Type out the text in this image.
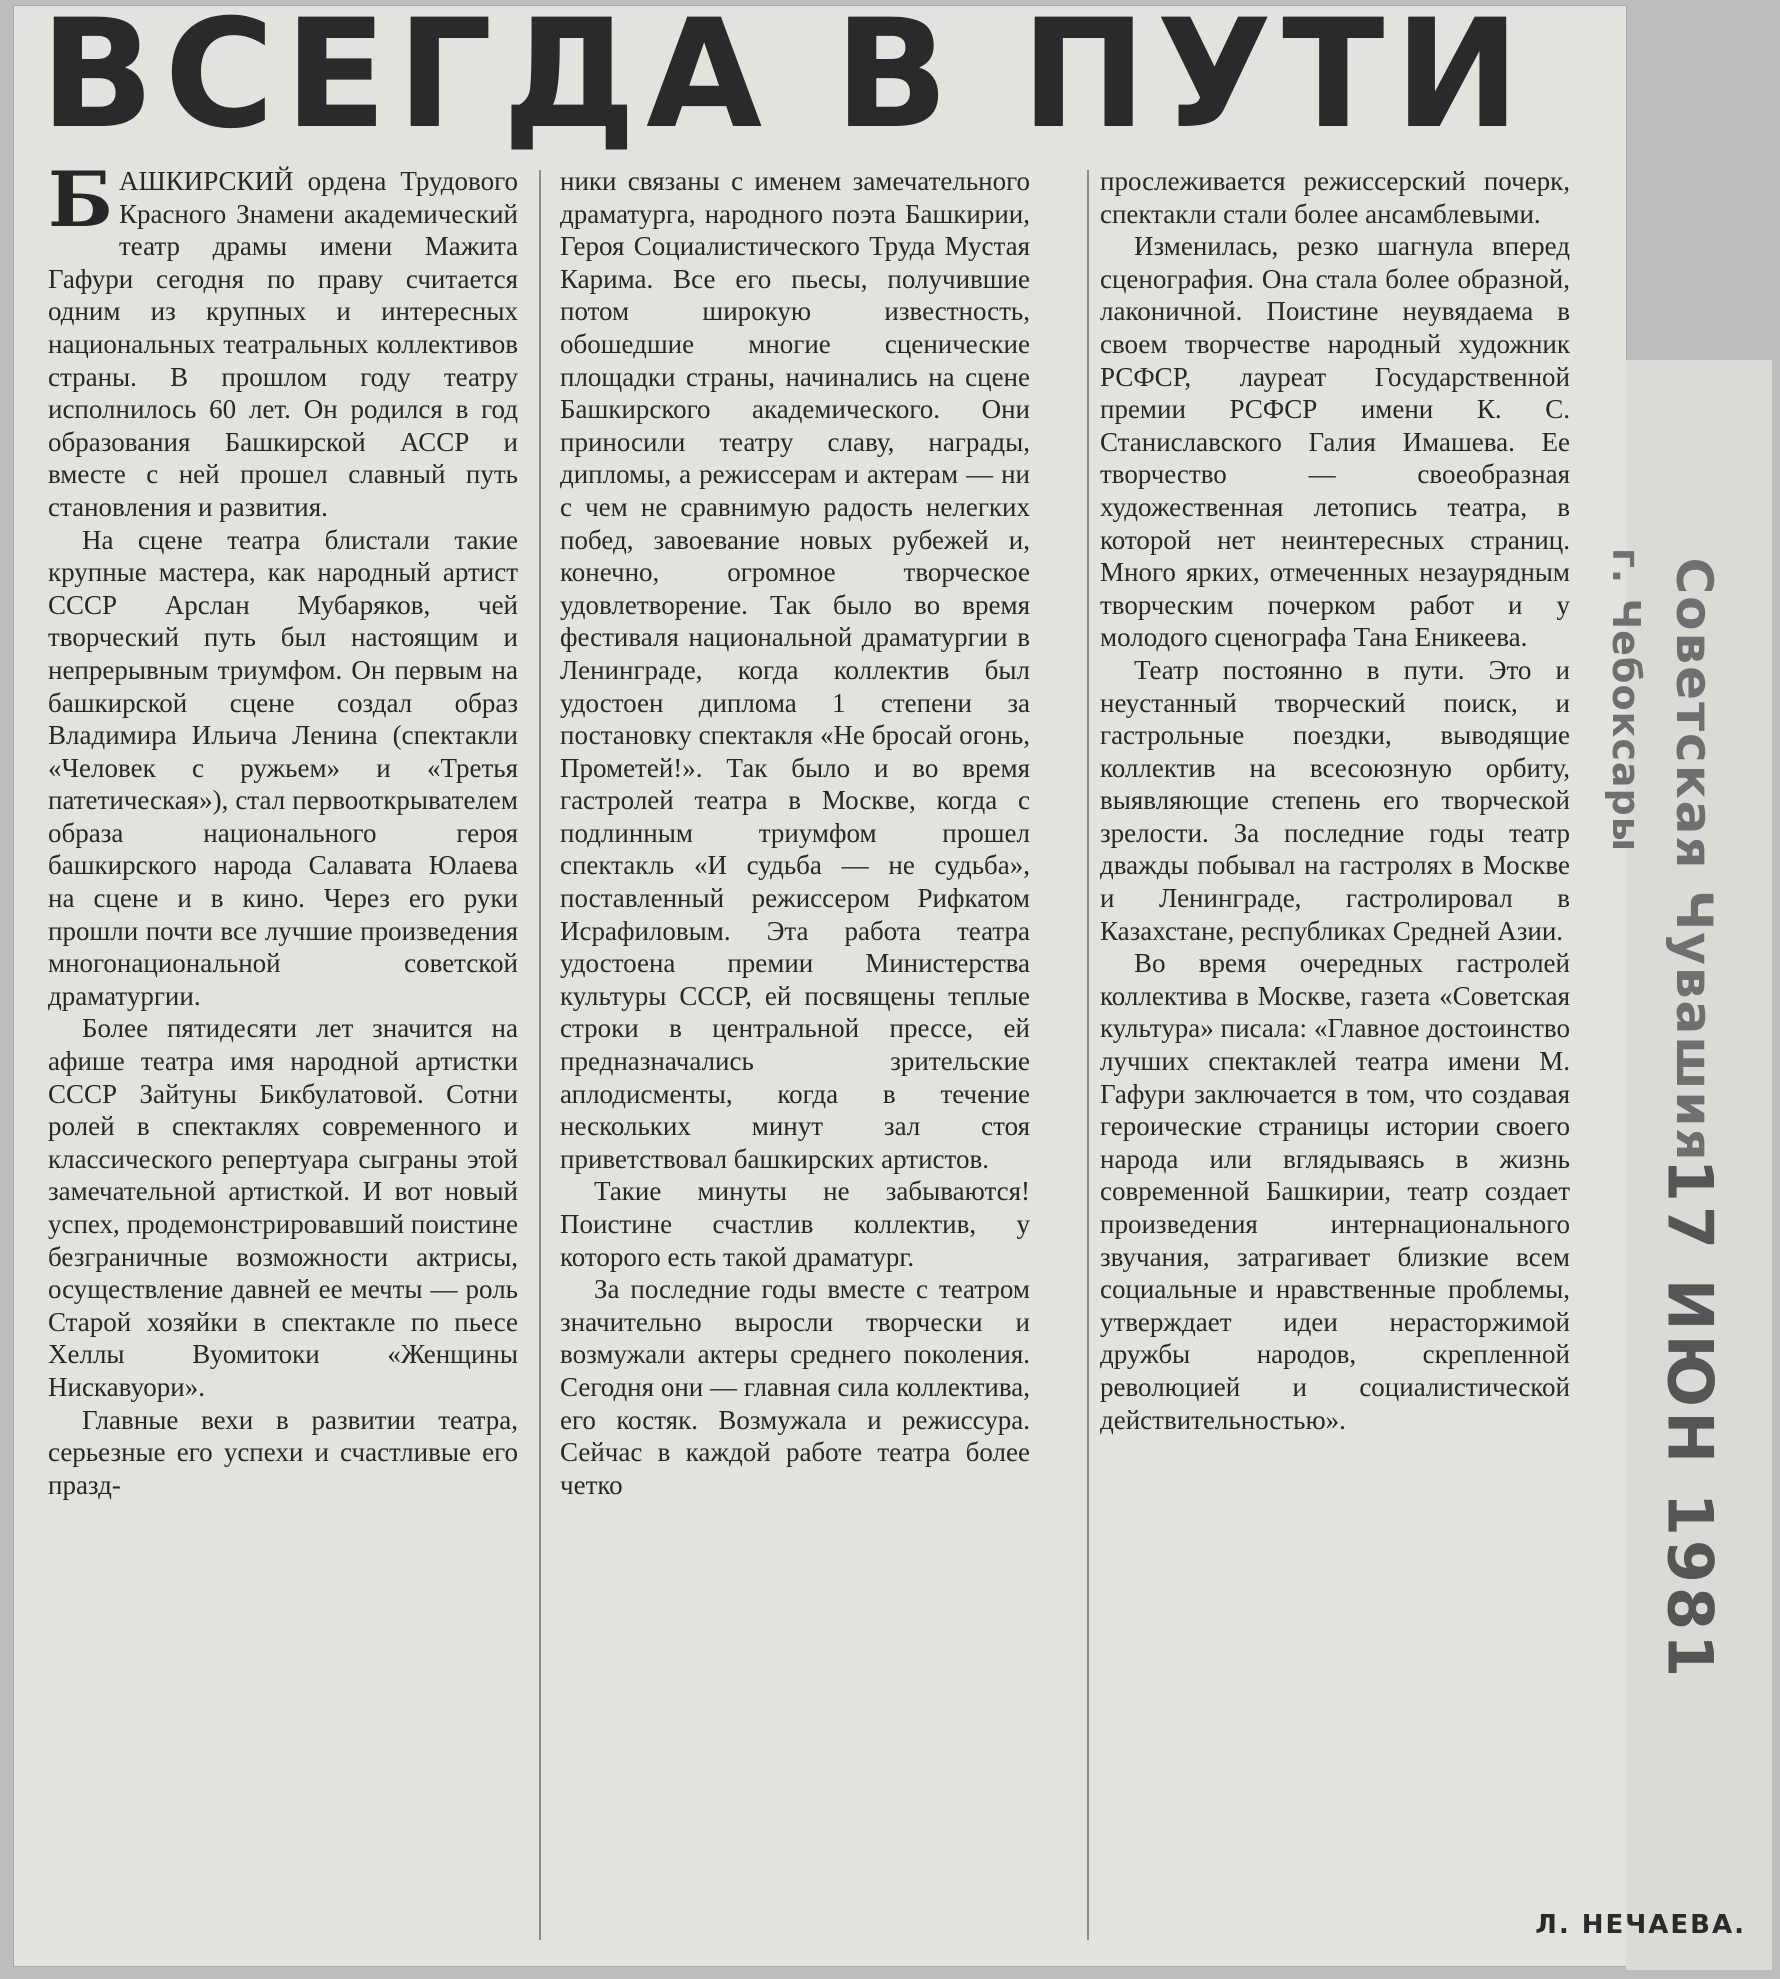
ВСЕГДА В ПУТИ

БАШКИРСКИЙ ордена Трудового Красного Знамени академический театр драмы имени Мажита Гафури сегодня по праву считается одним из крупных и интересных национальных театральных коллективов страны. В прошлом году театру исполнилось 60 лет. Он родился в год образования Башкирской АССР и вместе с ней прошел славный путь становления и развития.

На сцене театра блистали такие крупные мастера, как народный артист СССР Арслан Мубаряков, чей творческий путь был настоящим и непрерывным триумфом. Он первым на башкирской сцене создал образ Владимира Ильича Ленина (спектакли «Человек с ружьем» и «Третья патетическая»), стал первооткрывателем образа национального героя башкирского народа Салавата Юлаева на сцене и в кино. Через его руки прошли почти все лучшие произведения многонациональной советской драматургии.

Более пятидесяти лет значится на афише театра имя народной артистки СССР Зайтуны Бикбулатовой. Сотни ролей в спектаклях современного и классического репертуара сыграны этой замечательной артисткой. И вот новый успех, продемонстрировавший поистине безграничные возможности актрисы, осуществление давней ее мечты — роль Старой хозяйки в спектакле по пьесе Хеллы Вуомитоки «Женщины Нискавуори».

Главные вехи в развитии театра, серьезные его успехи и счастливые его празд-

ники связаны с именем замечательного драматурга, народного поэта Башкирии, Героя Социалистического Труда Мустая Карима. Все его пьесы, получившие потом широкую известность, обошедшие многие сценические площадки страны, начинались на сцене Башкирского академического. Они приносили театру славу, награды, дипломы, а режиссерам и актерам — ни с чем не сравнимую радость нелегких побед, завоевание новых рубежей и, конечно, огромное творческое удовлетворение. Так было во время фестиваля национальной драматургии в Ленинграде, когда коллектив был удостоен диплома 1 степени за постановку спектакля «Не бросай огонь, Прометей!». Так было и во время гастролей театра в Москве, когда с подлинным триумфом прошел спектакль «И судьба — не судьба», поставленный режиссером Рифкатом Исрафиловым. Эта работа театра удостоена премии Министерства культуры СССР, ей посвящены теплые строки в центральной прессе, ей предназначались зрительские аплодисменты, когда в течение нескольких минут зал стоя приветствовал башкирских артистов.

Такие минуты не забываются! Поистине счастлив коллектив, у которого есть такой драматург.

За последние годы вместе с театром значительно выросли творчески и возмужали актеры среднего поколения. Сегодня они — главная сила коллектива, его костяк. Возмужала и режиссура. Сейчас в каждой работе театра более четко

прослеживается режиссерский почерк, спектакли стали более ансамблевыми.

Изменилась, резко шагнула вперед сценография. Она стала более образной, лаконичной. Поистине неувядаема в своем творчестве народный художник РСФСР, лауреат Государственной премии РСФСР имени К. С. Станиславского Галия Имашева. Ее творчество — своеобразная художественная летопись театра, в которой нет неинтересных страниц. Много ярких, отмеченных незаурядным творческим почерком работ и у молодого сценографа Тана Еникеева.

Театр постоянно в пути. Это и неустанный творческий поиск, и гастрольные поездки, выводящие коллектив на всесоюзную орбиту, выявляющие степень его творческой зрелости. За последние годы театр дважды побывал на гастролях в Москве и Ленинграде, гастролировал в Казахстане, республиках Средней Азии.

Во время очередных гастролей коллектива в Москве, газета «Советская культура» писала: «Главное достоинство лучших спектаклей театра имени М. Гафури заключается в том, что создавая героические страницы истории своего народа или вглядываясь в жизнь современной Башкирии, театр создает произведения интернационального звучания, затрагивает близкие всем социальные и нравственные проблемы, утверждает идеи нерасторжимой дружбы народов, скрепленной революцией и социалистической действительностью».

Л. НЕЧАЕВА.
Советская Чувашия
г. Чебоксары
17 ИЮН 1981
